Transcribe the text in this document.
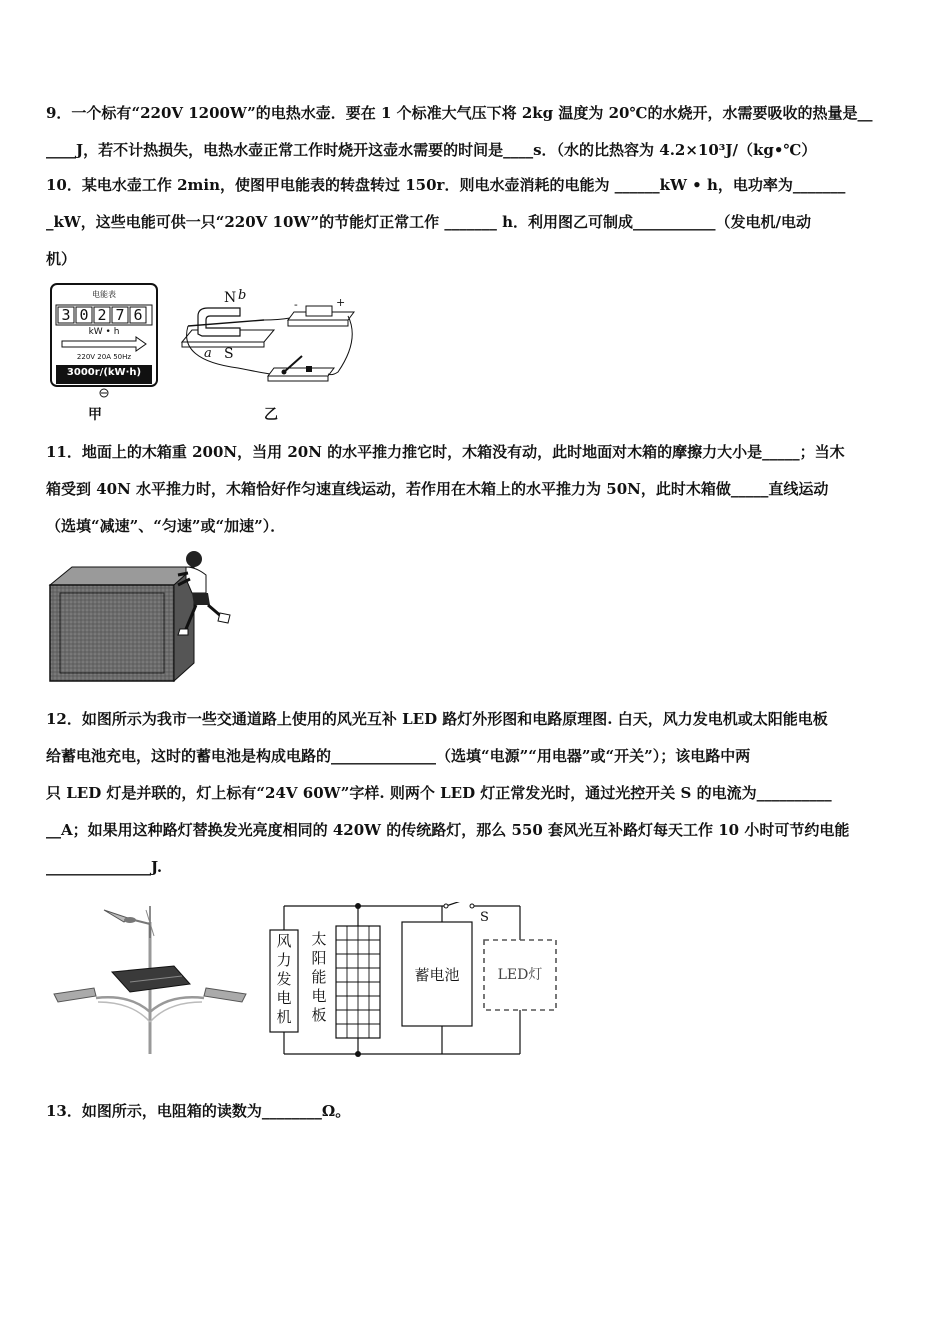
9．一个标有“220V 1200W”的电热水壶．要在 1 个标准大气压下将 2kg 温度为 20℃的水烧开，水需要吸收的热量是__
____J，若不计热损失，电热水壶正常工作时烧开这壶水需要的时间是____s．（水的比热容为 4.2×10³J/（kg•℃）
10．某电水壶工作 2min，使图甲电能表的转盘转过 150r．则电水壶消耗的电能为 ______kW • h，电功率为_______
_kW，这些电能可供一只“220V 10W”的节能灯正常工作 _______ h．利用图乙可制成___________（发电机/电动
机）
电能表
3 0 2 7 6
kW • h
220V 20A 50Hz
3000r/(kW·h)
甲
N b
a S
-	+
乙
11．地面上的木箱重 200N，当用 20N 的水平推力推它时，木箱没有动，此时地面对木箱的摩擦力大小是_____；当木
箱受到 40N 水平推力时，木箱恰好作匀速直线运动，若作用在木箱上的水平推力为 50N，此时木箱做_____直线运动
（选填“减速”、“匀速”或“加速”）．
12．如图所示为我市一些交通道路上使用的风光互补 LED 路灯外形图和电路原理图. 白天，风力发电机或太阳能电板
给蓄电池充电，这时的蓄电池是构成电路的______________（选填“电源”“用电器”或“开关”）；该电路中两
只 LED 灯是并联的，灯上标有“24V 60W”字样. 则两个 LED 灯正常发光时，通过光控开关 S 的电流为__________
__A；如果用这种路灯替换发光亮度相同的 420W 的传统路灯，那么 550 套风光互补路灯每天工作 10 小时可节约电能
______________J.
风
力
发
电
机
太
阳
能
电
板
蓄电池	LED灯
S
13．如图所示，电阻箱的读数为________Ω。
